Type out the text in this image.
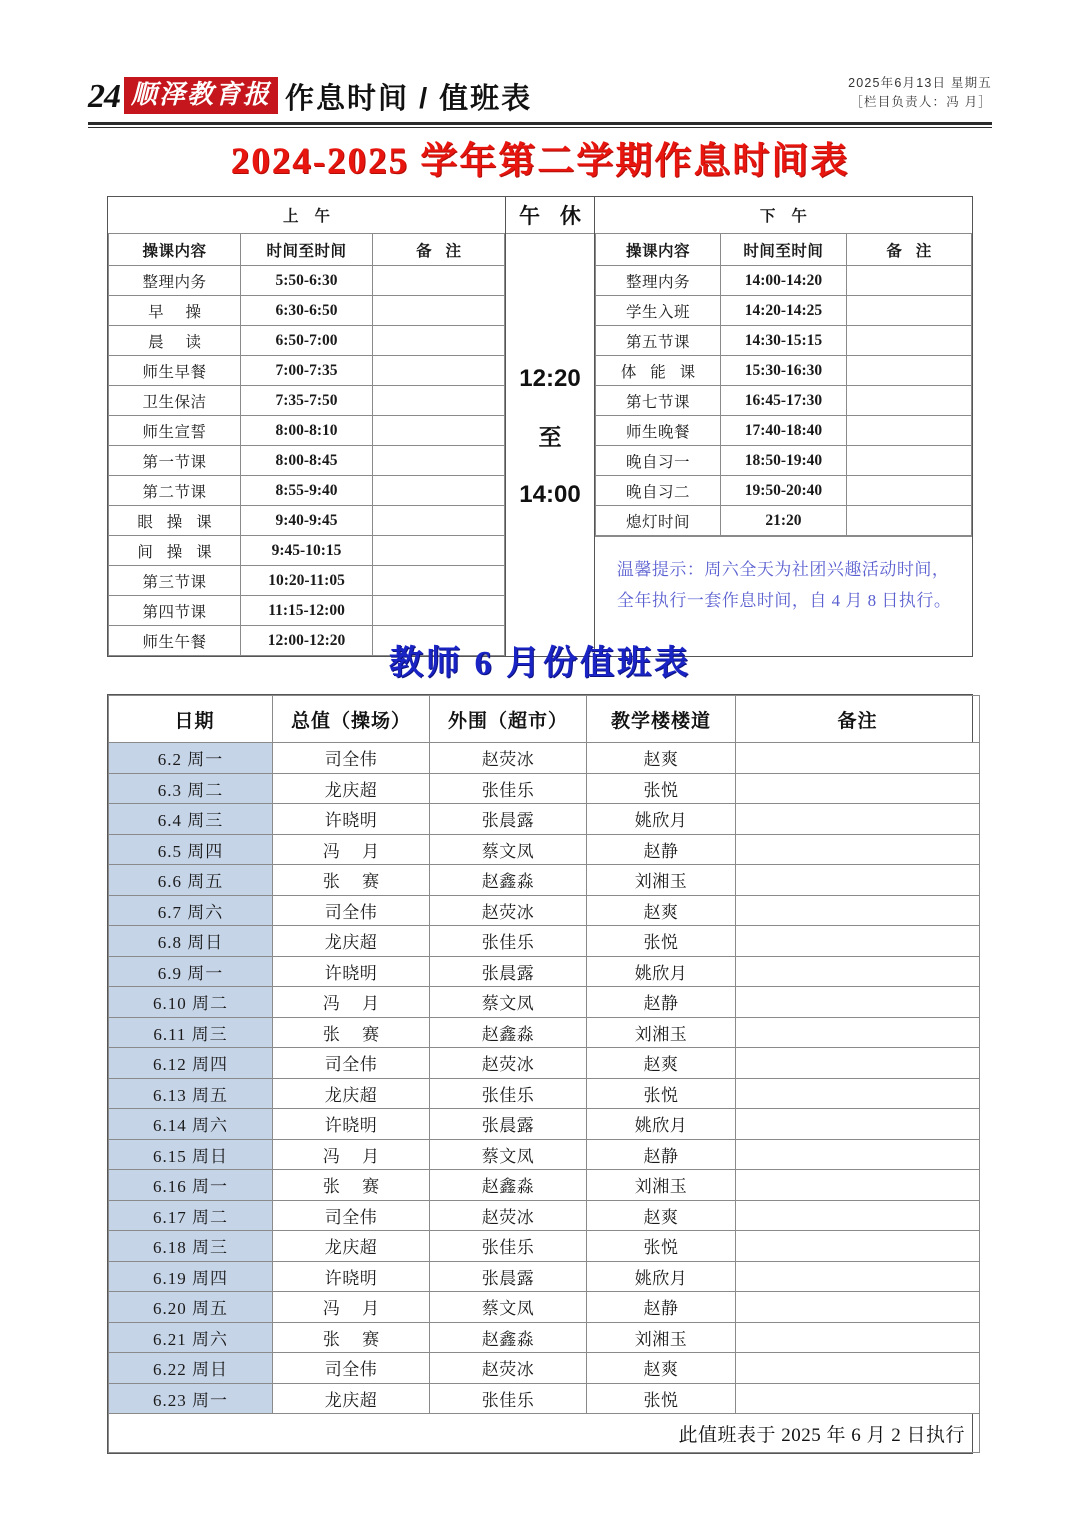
24 顺泽教育报 作息时间 / 值班表	2025年6月13日 星期五
［栏目负责人：冯 月］
2024-2025 学年第二学期作息时间表
上午		
操课内容	时间至时间	备 注
整理内务	5:50-6:30	
早 操	6:30-6:50	
晨 读	6:50-7:00	
师生早餐	7:00-7:35	
卫生保洁	7:35-7:50	
师生宣誓	8:00-8:10	
第一节课	8:00-8:45	
第二节课	8:55-9:40	
眼 操 课	9:40-9:45	
间 操 课	9:45-10:15	
第三节课	10:20-11:05	
第四节课	11:15-12:00	
师生午餐	12:00-12:20	
午 休
12:20
至
14:00
下午		
操课内容	时间至时间	备 注
整理内务	14:00-14:20	
学生入班	14:20-14:25	
第五节课	14:30-15:15	
体 能 课	15:30-16:30	
第七节课	16:45-17:30	
师生晚餐	17:40-18:40	
晚自习一	18:50-19:40	
晚自习二	19:50-20:40	
熄灯时间	21:20	
温馨提示：周六全天为社团兴趣活动时间，
全年执行一套作息时间，自 4 月 8 日执行。
教师 6 月份值班表
日期	总值（操场）	外围（超市）	教学楼楼道	备注
6.2 周一	司全伟	赵荧冰	赵爽	
6.3 周二	龙庆超	张佳乐	张悦	
6.4 周三	许晓明	张晨露	姚欣月	
6.5 周四	冯 月	蔡文凤	赵静	
6.6 周五	张 赛	赵鑫淼	刘湘玉	
6.7 周六	司全伟	赵荧冰	赵爽	
6.8 周日	龙庆超	张佳乐	张悦	
6.9 周一	许晓明	张晨露	姚欣月	
6.10 周二	冯 月	蔡文凤	赵静	
6.11 周三	张 赛	赵鑫淼	刘湘玉	
6.12 周四	司全伟	赵荧冰	赵爽	
6.13 周五	龙庆超	张佳乐	张悦	
6.14 周六	许晓明	张晨露	姚欣月	
6.15 周日	冯 月	蔡文凤	赵静	
6.16 周一	张 赛	赵鑫淼	刘湘玉	
6.17 周二	司全伟	赵荧冰	赵爽	
6.18 周三	龙庆超	张佳乐	张悦	
6.19 周四	许晓明	张晨露	姚欣月	
6.20 周五	冯 月	蔡文凤	赵静	
6.21 周六	张 赛	赵鑫淼	刘湘玉	
6.22 周日	司全伟	赵荧冰	赵爽	
6.23 周一	龙庆超	张佳乐	张悦	
此值班表于 2025 年 6 月 2 日执行				
